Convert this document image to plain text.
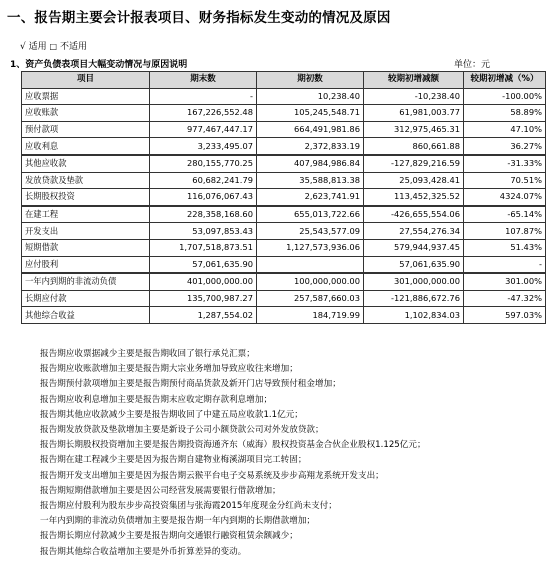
一、报告期主要会计报表项目、财务指标发生变动的情况及原因
√ 适用 □ 不适用
1、资产负债表项目大幅变动情况与原因说明	单位：元
项目	期末数	期初数	较期初增减额	较期初增减（%）
应收票据	-	10,238.40	-10,238.40	-100.00%
应收账款	167,226,552.48	105,245,548.71	61,981,003.77	58.89%
预付款项	977,467,447.17	664,491,981.86	312,975,465.31	47.10%
应收利息	3,233,495.07	2,372,833.19	860,661.88	36.27%
其他应收款	280,155,770.25	407,984,986.84	-127,829,216.59	-31.33%
发放贷款及垫款	60,682,241.79	35,588,813.38	25,093,428.41	70.51%
长期股权投资	116,076,067.43	2,623,741.91	113,452,325.52	4324.07%
在建工程	228,358,168.60	655,013,722.66	-426,655,554.06	-65.14%
开发支出	53,097,853.43	25,543,577.09	27,554,276.34	107.87%
短期借款	1,707,518,873.51	1,127,573,936.06	579,944,937.45	51.43%
应付股利	57,061,635.90		57,061,635.90	-
一年内到期的非流动负债	401,000,000.00	100,000,000.00	301,000,000.00	301.00%
长期应付款	135,700,987.27	257,587,660.03	-121,886,672.76	-47.32%
其他综合收益	1,287,554.02	184,719.99	1,102,834.03	597.03%
报告期应收票据减少主要是报告期收回了银行承兑汇票；
报告期应收账款增加主要是报告期大宗业务增加导致应收往来增加；
报告期预付款项增加主要是报告期预付商品货款及新开门店导致预付租金增加；
报告期应收利息增加主要是报告期末应收定期存款利息增加；
报告期其他应收款减少主要是报告期收回了中建五局应收款1.1亿元；
报告期发放贷款及垫款增加主要是新设子公司小额贷款公司对外发放贷款；
报告期长期股权投资增加主要是报告期投资海通齐东（威海）股权投资基金合伙企业股权1.125亿元；
报告期在建工程减少主要是因为报告期自建物业梅溪湖项目完工转固；
报告期开发支出增加主要是因为报告期云猴平台电子交易系统及步步高翔龙系统开发支出；
报告期短期借款增加主要是因公司经营发展需要银行借款增加；
报告期应付股利为股东步步高投资集团与张海霞2015年度现金分红尚未支付；
一年内到期的非流动负债增加主要是报告期一年内到期的长期借款增加；
报告期长期应付款减少主要是报告期向交通银行融资租赁余额减少；
报告期其他综合收益增加主要是外币折算差异的变动。
